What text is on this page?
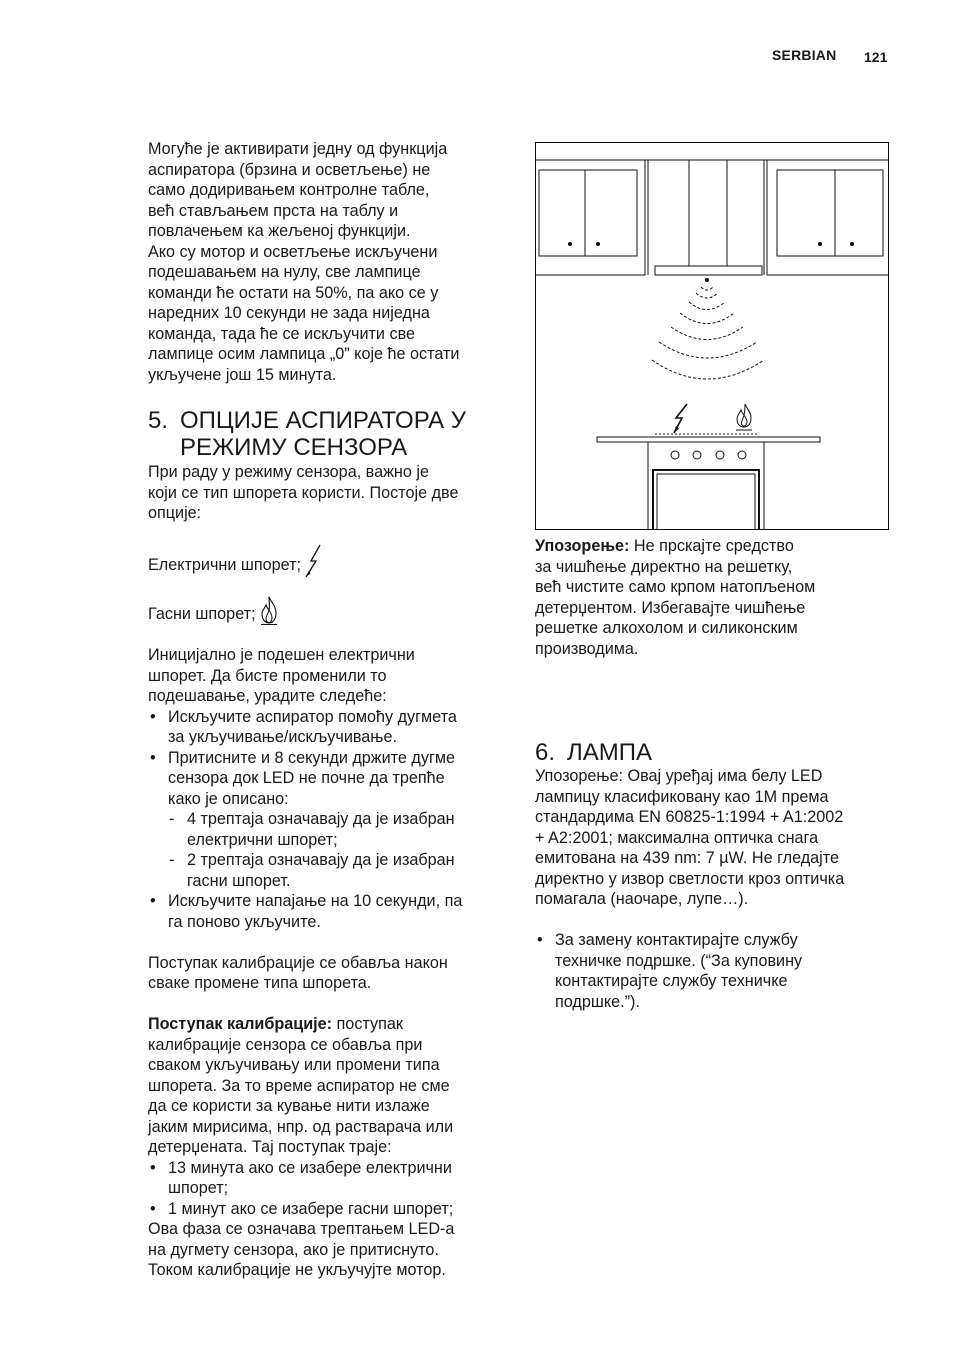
SERBIAN 121

Могуће је активирати једну од функција

аспиратора (брзина и осветљење) не

само додиривањем контролне табле,

већ стављањем прста на таблу и

повлачењем ка жељеној функцији.

Ако су мотор и осветљење искључени

подешавањем на нулу, све лампице

команди ће остати на 50%, па ако се у

наредних 10 секунди не зада ниједна

команда, тада ће се искључити све

лампице осим лампица „0” које ће остати

укључене још 15 минута.

5. ОПЦИЈЕ АСПИРАТОРА У
РЕЖИМУ СЕНЗОРА

При раду у режиму сензора, важно је

који се тип шпорета користи. Постоје две

опције:

Електрични шпорет;
Гасни шпорет;

Иницијално је подешен електрични

шпорет. Да бисте променили то

подешавање, урадите следеће:

• Искључите аспиратор помоћу дугмета

за укључивање/искључивање.

• Притисните и 8 секунди држите дугме

сензора док LED не почне да трепће

како је описано:

- 4 трептаја означавају да је изабран

електрични шпорет;

- 2 трептаја означавају да је изабран

гасни шпорет.

• Искључите напајање на 10 секунди, па

га поново укључите.

Поступак калибрације се обавља након

сваке промене типа шпорета.

Поступак калибрације: поступак

калибрације сензора се обавља при

сваком укључивању или промени типа

шпорета. За то време аспиратор не сме

да се користи за кување нити излаже

јаким мирисима, нпр. од растварача или

детерџената. Тај поступак траје:

• 13 минута ако се изабере електрични

шпорет;

• 1 минут ако се изабере гасни шпорет;

Ова фаза се означава трептањем LED-а

на дугмету сензора, ако је притиснуто.

Током калибрације не укључујте мотор.

Упозорење: Не прскајте средство

за чишћење директно на решетку,

већ чистите само крпом натопљеном

детерџентом. Избегавајте чишћење

решетке алкохолом и силиконским

производима.

6. ЛАМПА

Упозорење: Овај уређај има белу LED

лампицу класификовану као 1M према

стандардима EN 60825-1:1994 + A1:2002

+ A2:2001; максимална оптичка снага

емитована на 439 nm: 7 µW. Не гледајте

директно у извор светлости кроз оптичка

помагала (наочаре, лупе…).

• За замену контактирајте службу

техничке подршке. (“За куповину

контактирајте службу техничке

подршке.”).
